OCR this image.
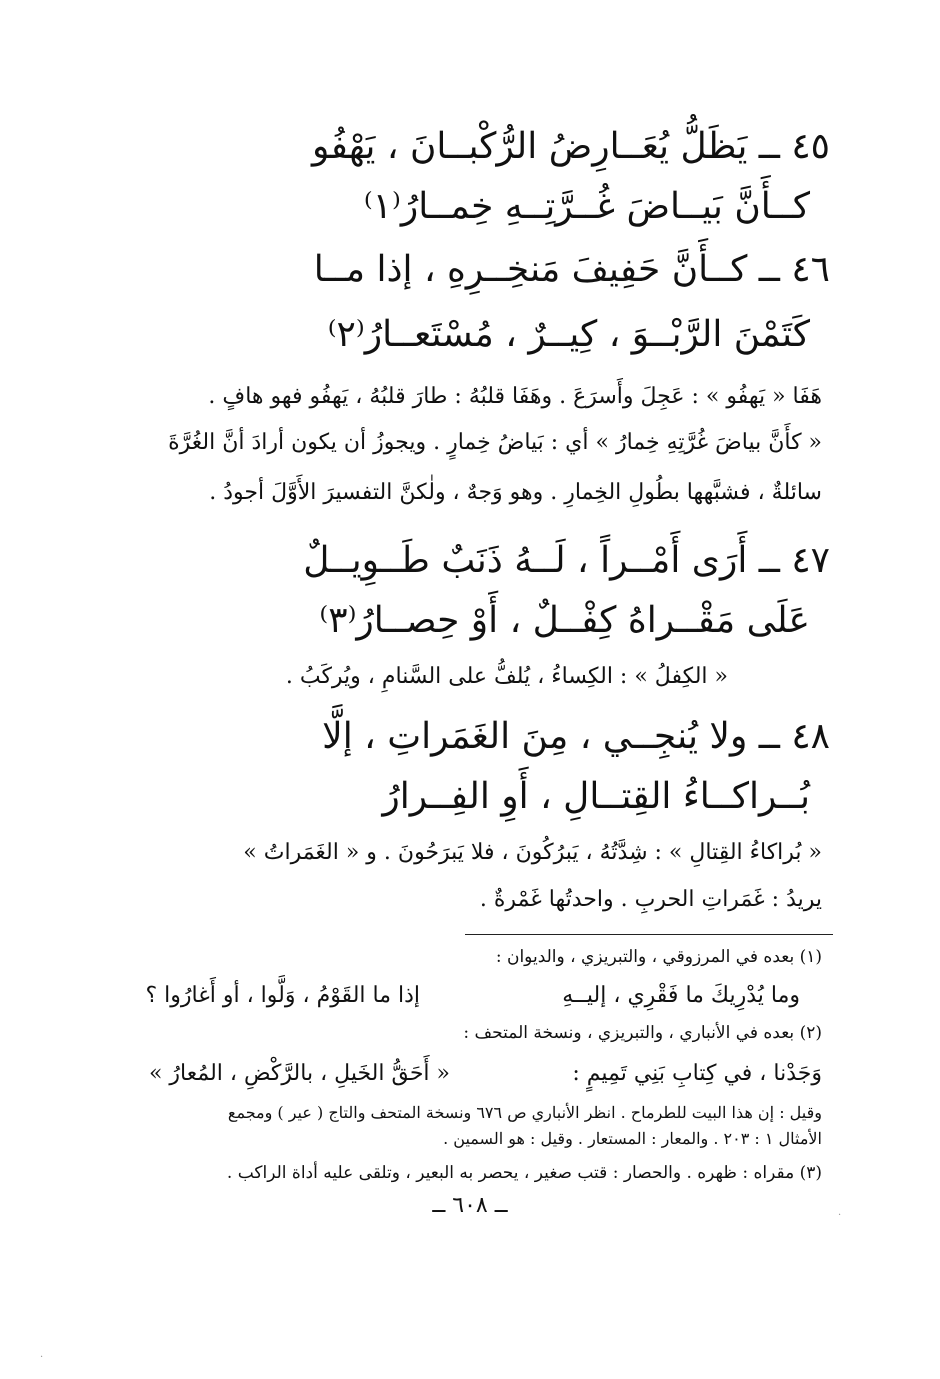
٤٥ ــ يَظَلُّ يُعَــارِضُ الرُّكْبــانَ ، يَهْفُو
كــأَنَّ بَيــاضَ غُــرَّتِــهِ خِمــارُ⁽١⁾
٤٦ ــ كــأَنَّ حَفِيفَ مَنخِــرِهِ ، إذا مــا
كَتَمْنَ الرَّبْــوَ ، كِيــرٌ ، مُسْتَعــارُ⁽٢⁾
هَفَا « يَهفُو » : عَجِلَ وأَسرَعَ . وهَفَا قلبُهُ : طارَ قلبُهُ ، يَهفُو فهو هافٍ .
« كأَنَّ بياضَ غُرَّتِهِ خِمارُ » أي : بَياضُ خِمارٍ . ويجوزُ أن يكون أرادَ أنَّ الغُرَّةَ
سائلةٌ ، فشبَّهها بطُولِ الخِمارِ . وهو وَجهٌ ، ولٰكنَّ التفسيرَ الأَوَّلَ أجودُ .
٤٧ ــ أَرَى أَمْــراً ، لَــهُ ذَنَبٌ طَــوِيــلٌ
عَلَى مَقْــراهُ كِفْــلٌ ، أَوْ حِصــارُ⁽٣⁾
« الكِفلُ » : الكِساءُ ، يُلفُّ على السَّنامِ ، ويُركَبُ .
٤٨ ــ ولا يُنجِــي ، مِنَ الغَمَراتِ ، إلَّا
بُــراكــاءُ القِتــالِ ، أَوِ الفِــرارُ
« بُراكاءُ القِتالِ » : شِدَّتُهُ ، يَبرُكُونَ ، فلا يَبرَحُونَ . و « الغَمَراتُ »
يريدُ : غَمَراتِ الحربِ . واحدتُها غَمْرةٌ .
(١) بعده في المرزوقي ، والتبريزي ، والديوان :
وما يُدْرِيكَ ما فَقْرِي ، إليــهِ
إذا ما القَوْمُ ، وَلَّوا ، أو أَغارُوا ؟
(٢) بعده في الأنباري ، والتبريزي ، ونسخة المتحف :
وَجَدْنا ، في كِتابِ بَنِي تَمِيمٍ :
« أَحَقُّ الخَيلِ ، بالرَّكْضِ ، المُعارُ »
وقيل : إن هذا البيت للطرماح . انظر الأنباري ص ٦٧٦ ونسخة المتحف والتاج ( عير ) ومجمع
الأمثال ١ : ٢٠٣ . والمعار : المستعار . وقيل : هو السمين .
(٣) مقراه : ظهره . والحصار : قتب صغير ، يحصر به البعير ، وتلقى عليه أداة الراكب .
ــ ٦٠٨ ــ	·
·
